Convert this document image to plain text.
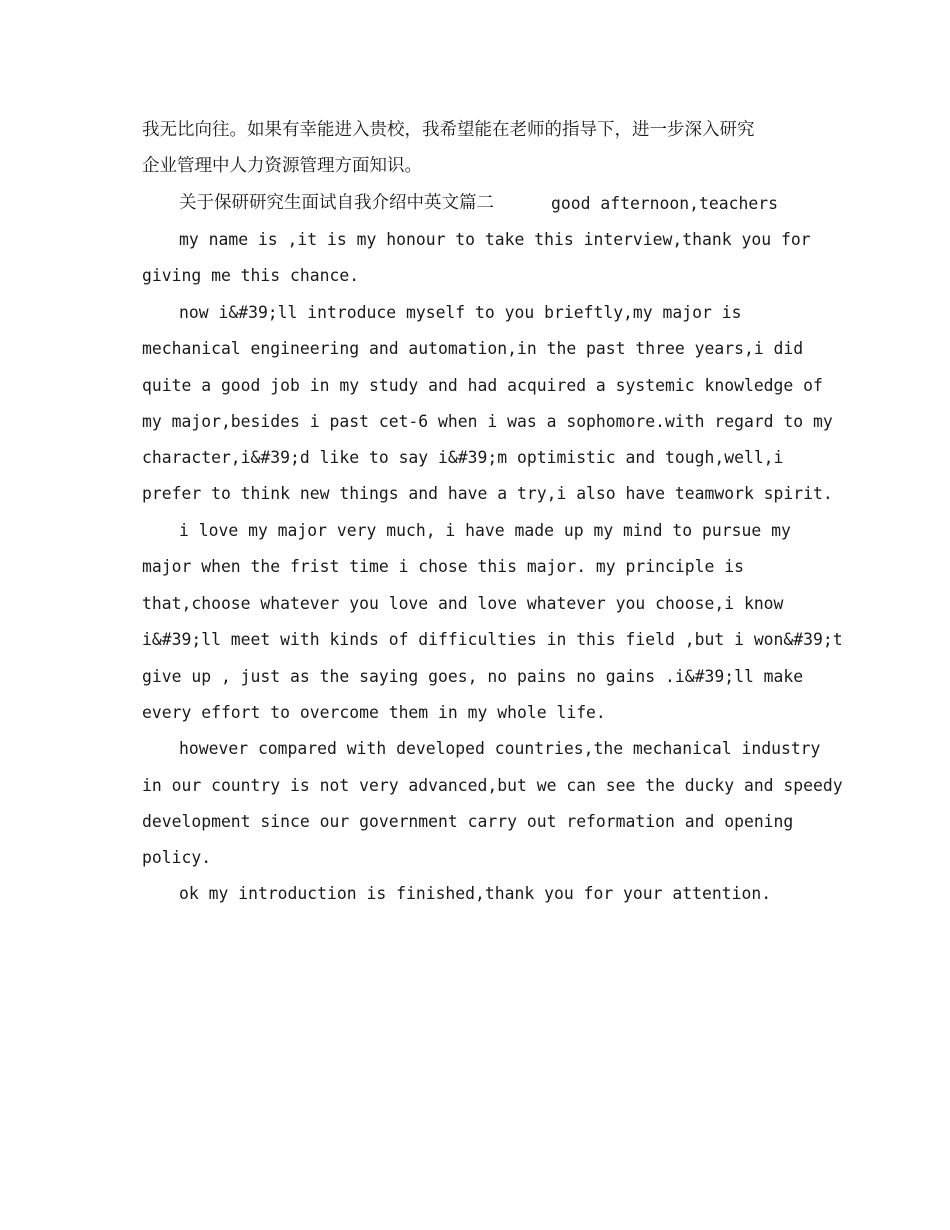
我无比向往。如果有幸能进入贵校，我希望能在老师的指导下，进一步深入研究
企业管理中人力资源管理方面知识。
关于保研研究生面试自我介绍中英文篇二	good afternoon,teachers
my name is ,it is my honour to take this interview,thank you for
giving me this chance.
now i&#39;ll introduce myself to you brieftly,my major is
mechanical engineering and automation,in the past three years,i did
quite a good job in my study and had acquired a systemic knowledge of
my major,besides i past cet-6 when i was a sophomore.with regard to my
character,i&#39;d like to say i&#39;m optimistic and tough,well,i
prefer to think new things and have a try,i also have teamwork spirit.
i love my major very much, i have made up my mind to pursue my
major when the frist time i chose this major. my principle is
that,choose whatever you love and love whatever you choose,i know
i&#39;ll meet with kinds of difficulties in this field ,but i won&#39;t
give up , just as the saying goes, no pains no gains .i&#39;ll make
every effort to overcome them in my whole life.
however compared with developed countries,the mechanical industry
in our country is not very advanced,but we can see the ducky and speedy
development since our government carry out reformation and opening
policy.
ok my introduction is finished,thank you for your attention.
